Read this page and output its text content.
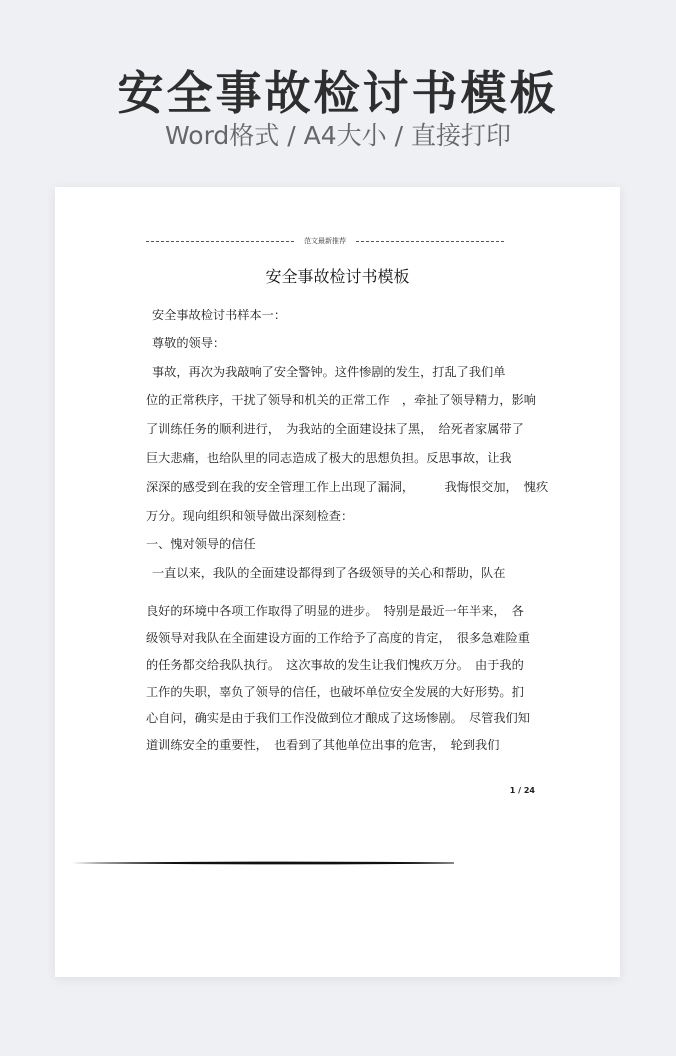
安全事故检讨书模板
Word格式 / A4大小 / 直接打印
范文最新推荐
安全事故检讨书模板
安全事故检讨书样本一：
尊敬的领导：
事故，再次为我敲响了安全警钟。这件惨剧的发生，打乱了我们单
位的正常秩序，干扰了领导和机关的正常工作　，牵扯了领导精力，影响
了训练任务的顺利进行，　为我站的全面建设抹了黑，　给死者家属带了
巨大悲痛，也给队里的同志造成了极大的思想负担。反思事故，让我
深深的感受到在我的安全管理工作上出现了漏洞，　　　我悔恨交加，　愧疚
万分。现向组织和领导做出深刻检查：
一、愧对领导的信任
一直以来，我队的全面建设都得到了各级领导的关心和帮助，队在
良好的环境中各项工作取得了明显的进步。　特别是最近一年半来，　各
级领导对我队在全面建设方面的工作给予了高度的肯定，　很多急难险重
的任务都交给我队执行。　这次事故的发生让我们愧疚万分。　由于我的
工作的失职，辜负了领导的信任，也破坏单位安全发展的大好形势。扪
心自问，确实是由于我们工作没做到位才酿成了这场惨剧。　尽管我们知
道训练安全的重要性，　也看到了其他单位出事的危害，　轮到我们
1 / 24
